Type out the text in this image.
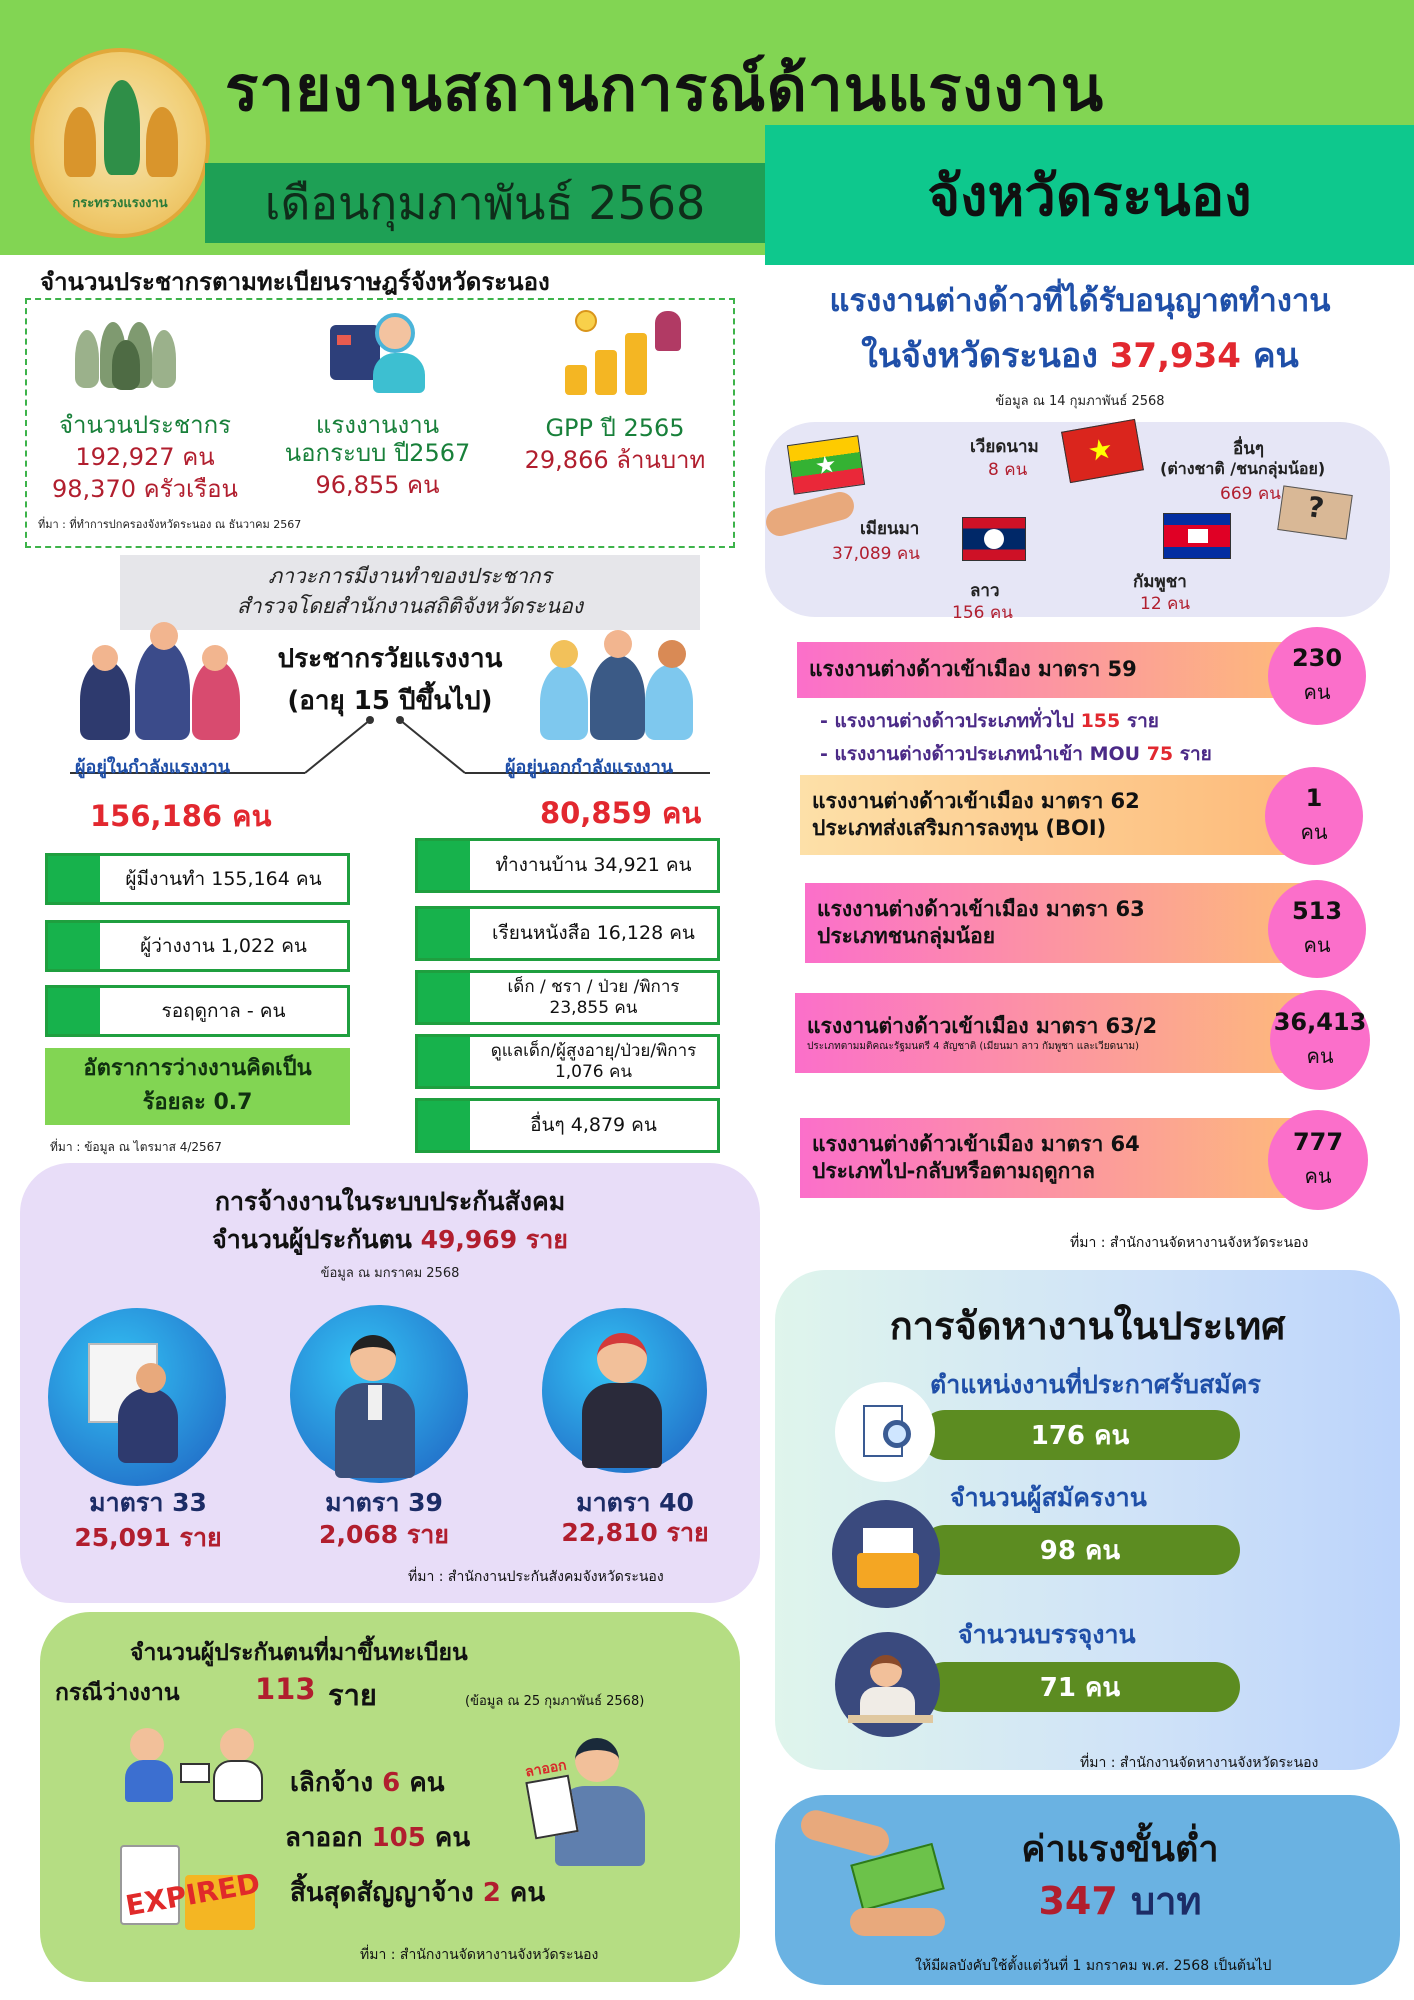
กระทรวงแรงงาน
รายงานสถานการณ์ด้านแรงงาน
เดือนกุมภาพันธ์ 2568	จังหวัดระนอง
จำนวนประชากรตามทะเบียนราษฎร์จังหวัดระนอง
จำนวนประชากร
192,927 คน
98,370 ครัวเรือน
แรงงานงาน
นอกระบบ ปี2567
96,855 คน
GPP ปี 2565
29,866 ล้านบาท
ที่มา : ที่ทำการปกครองจังหวัดระนอง ณ ธันวาคม 2567
ภาวะการมีงานทำของประชากร
สำรวจโดยสำนักงานสถิติจังหวัดระนอง
ประชากรวัยแรงงาน
(อายุ 15 ปีขึ้นไป)
ผู้อยู่ในกำลังแรงงาน
156,186 คน
ผู้อยู่นอกกำลังแรงงาน
80,859 คน
ผู้มีงานทำ 155,164 คน
ผู้ว่างงาน 1,022 คน
รอฤดูกาล - คน
อัตราการว่างงานคิดเป็น
ร้อยละ 0.7
ที่มา : ข้อมูล ณ ไตรมาส 4/2567
ทำงานบ้าน 34,921 คน
เรียนหนังสือ 16,128 คน
เด็ก / ชรา / ป่วย /พิการ
23,855 คน
ดูแลเด็ก/ผู้สูงอายุ/ป่วย/พิการ
1,076 คน
อื่นๆ 4,879 คน
การจ้างงานในระบบประกันสังคม
จำนวนผู้ประกันตน 49,969 ราย
ข้อมูล ณ มกราคม 2568
มาตรา 33
25,091 ราย
มาตรา 39
2,068 ราย
มาตรา 40
22,810 ราย
ที่มา : สำนักงานประกันสังคมจังหวัดระนอง
จำนวนผู้ประกันตนที่มาขึ้นทะเบียน
กรณีว่างงาน	113 ราย	(ข้อมูล ณ 25 กุมภาพันธ์ 2568)
เลิกจ้าง 6 คน
ลาออก 105 คน
สิ้นสุดสัญญาจ้าง 2 คน
ลาออก
EXPIRED
ที่มา : สำนักงานจัดหางานจังหวัดระนอง
แรงงานต่างด้าวที่ได้รับอนุญาตทำงาน
ในจังหวัดระนอง 37,934 คน
ข้อมูล ณ 14 กุมภาพันธ์ 2568
★	★
?
เมียนมา
37,089 คน
เวียดนาม
8 คน
ลาว
156 คน
กัมพูชา
12 คน
อื่นๆ
(ต่างชาติ /ชนกลุ่มน้อย)
669 คน
แรงงานต่างด้าวเข้าเมือง มาตรา 59	230
คน
- แรงงานต่างด้าวประเภททั่วไป 155 ราย
- แรงงานต่างด้าวประเภทนำเข้า MOU 75 ราย
แรงงานต่างด้าวเข้าเมือง มาตรา 62
ประเภทส่งเสริมการลงทุน (BOI)
1
คน
แรงงานต่างด้าวเข้าเมือง มาตรา 63
ประเภทชนกลุ่มน้อย
513
คน
แรงงานต่างด้าวเข้าเมือง มาตรา 63/2
ประเภทตามมติคณะรัฐมนตรี 4 สัญชาติ (เมียนมา ลาว กัมพูชา และเวียดนาม)
36,413
คน
แรงงานต่างด้าวเข้าเมือง มาตรา 64
ประเภทไป-กลับหรือตามฤดูกาล
777
คน
ที่มา : สำนักงานจัดหางานจังหวัดระนอง
การจัดหางานในประเทศ
ตำแหน่งงานที่ประกาศรับสมัคร
176 คน
จำนวนผู้สมัครงาน
98 คน
จำนวนบรรจุงาน
71 คน
ที่มา : สำนักงานจัดหางานจังหวัดระนอง
ค่าแรงขั้นต่ำ
347 บาท
ให้มีผลบังคับใช้ตั้งแต่วันที่ 1 มกราคม พ.ศ. 2568 เป็นต้นไป
